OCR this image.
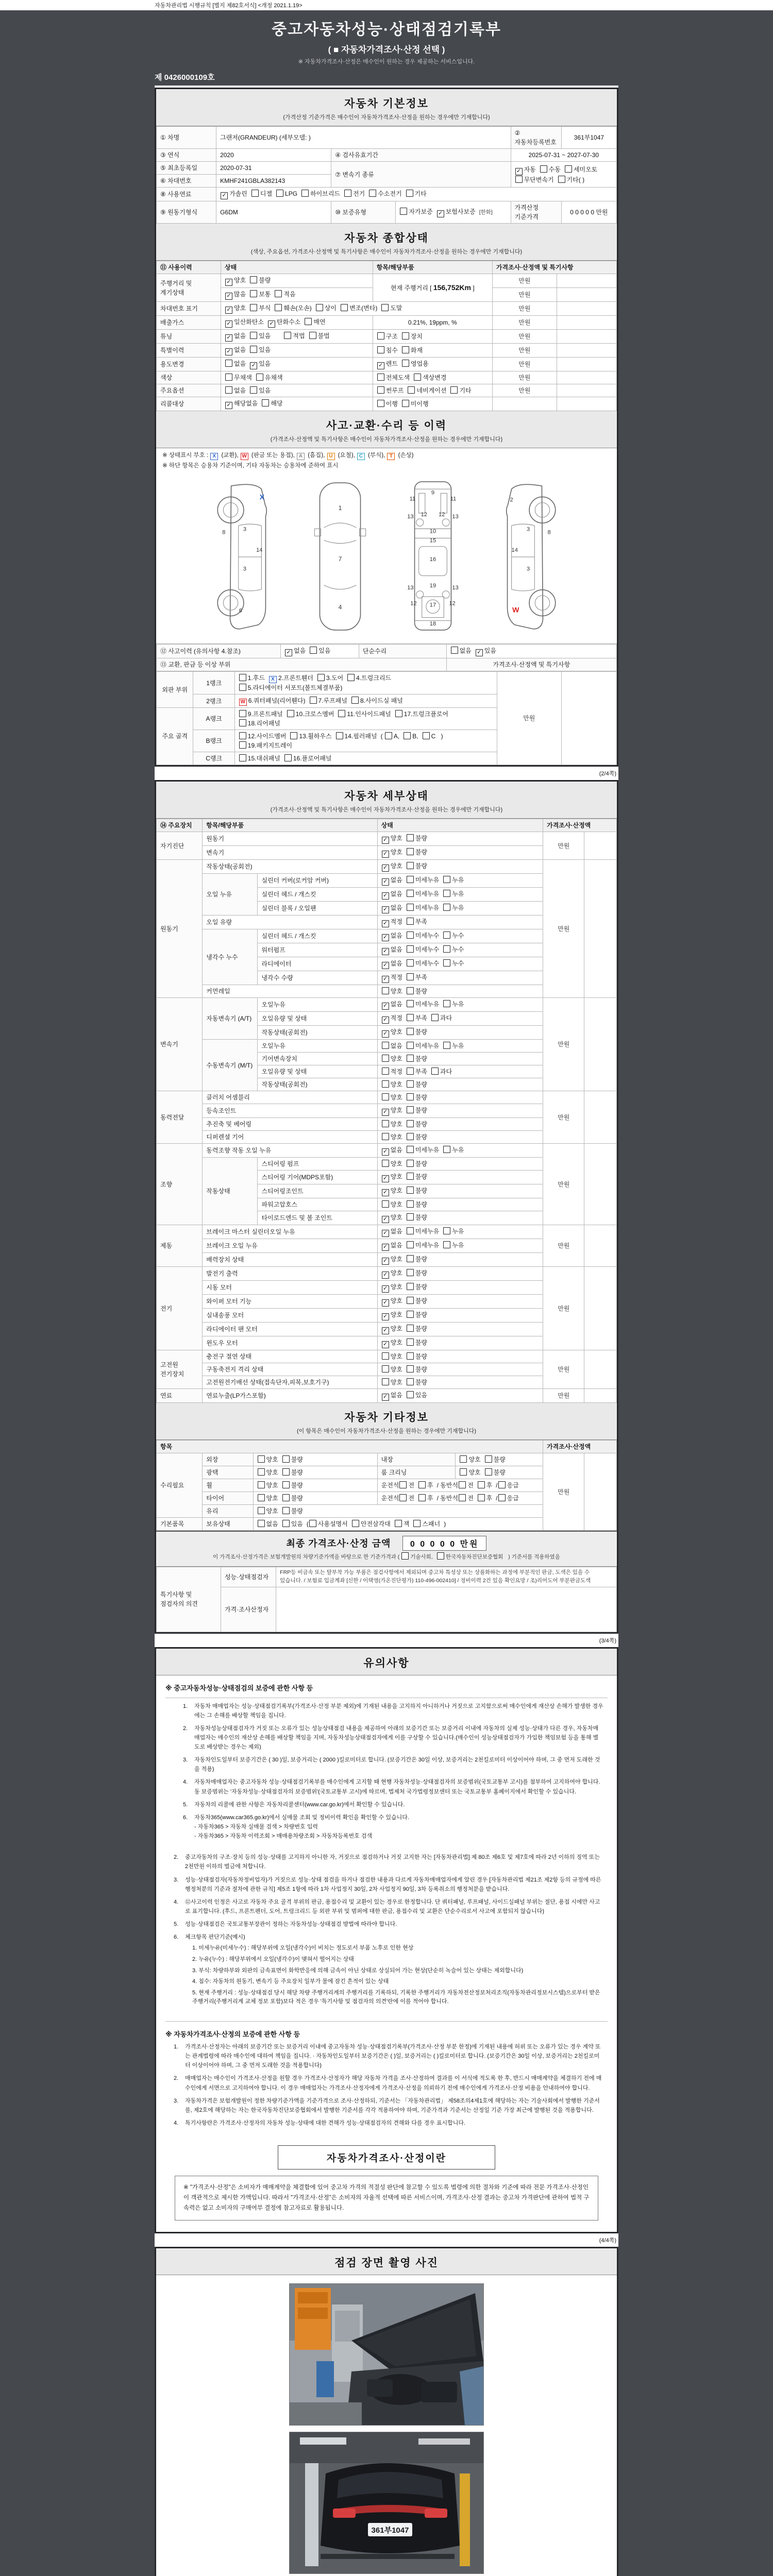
자동차관리법 시행규칙 [별지 제82호서식] <개정 2021.1.19>
중고자동차성능·상태점검기록부
( ■ 자동차가격조사·산정 선택 )
※ 자동차가격조사·산정은 매수인이 원하는 경우 제공하는 서비스입니다.
제 0426000109호
자동차 기본정보
(가격산정 기준가격은 매수인이 자동차가격조사·산정을 원하는 경우에만 기재합니다)
① 차명	그랜저(GRANDEUR) (세부모델: )			② 자동차등록번호	361부1047
③ 연식	2020	④ 검사유효기간		2025-07-31 ~ 2027-07-30	
⑤ 최초등록일	2020-07-31	⑦ 변속기 종류		✓ 자동 수동 세미오토
무단변속기 기타( )	
⑥ 차대번호	KMHF241GBLA382143				
⑧ 사용연료	✓ 가솔린 디젤 LPG 하이브리드 전기 수소전기 기타				
⑨ 원동기형식	G6DM	⑩ 보증유형	자가보증 ✓ 보험사보증 [한화]	가격산정 기준가격	0 0 0 0 0 만원
자동차 종합상태
(색상, 주요옵션, 가격조사·산정액 및 특기사항은 매수인이 자동차가격조사·산정을 원하는 경우에만 기재합니다)
⑪ 사용이력	상태	항목/해당부품	가격조사·산정액 및 특기사항	
주행거리 및 계기상태	✓ 양호 불량	현재 주행거리 [ 156,752Km ]	만원	
	✓ 많음 보통 적음		만원	
차대번호 표기	✓ 양호 부식 훼손(오손) 상이 변조(변타) 도말		만원	
배출가스	✓ 일산화탄소 ✓ 탄화수소 매연	0.21%, 19ppm, %	만원	
튜닝	✓ 없음 있음 적법 불법	구조 장치	만원	
특별이력	✓ 없음 있음	침수 화재	만원	
용도변경	없음 ✓ 있음	✓ 렌트 영업용	만원	
색상	무채색 유채색	전체도색 색상변경	만원	
주요옵션	없음 있음	썬루프 네비게이션 기타	만원	
리콜대상	✓ 해당없음 해당	이행 미이행		
사고·교환·수리 등 이력
(가격조사·산정액 및 특기사항은 매수인이 자동차가격조사·산정을 원하는 경우에만 기재합니다)
※ 상태표시 부호 : X (교환), W (판금 또는 용접), A (흠집), U (요철), C (부식), T (손상)
※ 하단 항목은 승용차 기준이며, 기타 자동차는 승용차에 준하여 표시
8
3
14
3
6
X
1
7
4
9
11	11
13 12 12 13
10
15
16
13	19	13
12 17 12
18
2
8
3
14
3
W
⑫ 사고이력 (유의사항 4.참조)	✓ 없음 있음	단순수리	없음 ✓ 있음
⑬ 교환, 판금 등 이상 부위			가격조사·산정액 및 특기사항
외판 부위	1랭크	1.후드 X 2.프론트휀더 3.도어 4.트렁크리드
5.라디에이터 서포트(볼트체결부품)	만원	
	2랭크	W 6.쿼터패널(리어휀다) 7.루프패널 8.사이드실 패널		
주요 골격	A랭크	9.프론트패널 10.크로스멤버 11.인사이드패널 17.트렁크플로어
18.리어패널		
	B랭크	12.사이드멤버 13.휠하우스 14.필러패널 ( A, B, C )
19.패키지트레이		
	C랭크	15.대쉬패널 16.플로어패널		
(2/4쪽)
자동차 세부상태
(가격조사·산정액 및 특기사항은 매수인이 자동차가격조사·산정을 원하는 경우에만 기재합니다)
⑭ 주요장치	항목/해당부품		상태	가격조사·산정액	
자기진단	원동기		✓ 양호 불량	만원	
	변속기		✓ 양호 불량		
원동기	작동상태(공회전)		✓ 양호 불량	만원	
	오일 누유	실린더 커버(로커암 커버)	✓ 없음 미세누유 누유		
		실린더 헤드 / 개스킷	✓ 없음 미세누유 누유		
		실린더 블록 / 오일팬	✓ 없음 미세누유 누유		
	오일 유량		✓ 적정 부족		
	냉각수 누수	실린더 헤드 / 개스킷	✓ 없음 미세누수 누수		
		워터펌프	✓ 없음 미세누수 누수		
		라디에이터	✓ 없음 미세누수 누수		
		냉각수 수량	✓ 적정 부족		
	커먼레일		양호 불량		
변속기	자동변속기 (A/T)	오일누유	✓ 없음 미세누유 누유	만원	
		오일유량 및 상태	✓ 적정 부족 과다		
		작동상태(공회전)	✓ 양호 불량		
	수동변속기 (M/T)	오일누유	없음 미세누유 누유		
		기어변속장치	양호 불량		
		오일유량 및 상태	적정 부족 과다		
		작동상태(공회전)	양호 불량		
동력전달	클러치 어셈블리		양호 불량	만원	
	등속조인트		✓ 양호 불량		
	추진축 및 베어링		양호 불량		
	디퍼렌셜 기어		양호 불량		
조향	동력조향 작동 오일 누유		✓ 없음 미세누유 누유	만원	
	작동상태	스티어링 펌프	양호 불량		
		스티어링 기어(MDPS포함)	✓ 양호 불량		
		스티어링조인트	✓ 양호 불량		
		파워고압호스	양호 불량		
		타이로드엔드 및 볼 조인트	✓ 양호 불량		
제동	브레이크 마스터 실린더오일 누유		✓ 없음 미세누유 누유	만원	
	브레이크 오일 누유		✓ 없음 미세누유 누유		
	배력장치 상태		✓ 양호 불량		
전기	발전기 출력		✓ 양호 불량	만원	
	시동 모터		✓ 양호 불량		
	와이퍼 모터 기능		✓ 양호 불량		
	실내송풍 모터		✓ 양호 불량		
	라디에이터 팬 모터		✓ 양호 불량		
	윈도우 모터		✓ 양호 불량		
고전원 전기장치	충전구 절연 상태		양호 불량	만원	
	구동축전지 격리 상태		양호 불량		
	고전원전기배선 상태(접속단자,피복,보호기구)		양호 불량		
연료	연료누출(LP가스포함)		✓ 없음 있음	만원	
자동차 기타정보
(이 항목은 매수인이 자동차가격조사·산정을 원하는 경우에만 기재합니다)
항목					가격조사·산정액	
수리필요	외장	양호 불량	내장	양호 불량	만원	
	광택	양호 불량	룸 크리닝	양호 불량		
	휠	양호 불량	운전석 전 후 / 동반석 전 후 / 응급			
	타이어	양호 불량	운전석 전 후 / 동반석 전 후 / 응급			
	유리	양호 불량				
기본품목	보유상태	없음 있음 ( 사용설명서 안전삼각대 잭 스패너 )				
최종 가격조사·산정 금액 0 0 0 0 0 만원
이 가격조사·산정가격은 보험개발원의 차량기준가액을 바탕으로 한 기준가격과 ( 기술사회, 한국자동차진단보증협회 ) 기준서를 적용하였음
특기사항 및 점검자의 의견	성능·상태점검자	FRP등 비금속 또는 탈부착 가능 부품은 점검사항에서 제외되며 중고차 특성상 또는 상품화하는 과정에 부분적인 판금, 도색은 있을 수 있습니다. / 보험료 입금계좌 [신한 / 이택영(가온진단평가) 110-496-002410] / 정비이력 2건 있음 확인요망 / 조)리어도어 부분판금도색
	가격·조사산정자	
(3/4쪽)
유의사항
※ 중고자동차성능·상태점검의 보증에 관한 사항 등
1.	자동차 매매업자는 성능·상태점검기록부(가격조사·산정 부분 제외)에 기재된 내용을 고지하지 아니하거나 거짓으로 고지함으로써 매수인에게 재산상 손해가 발생한 경우에는 그 손해를 배상할 책임을 집니다.
2.	자동차성능상태점검자가 거짓 또는 오류가 있는 성능상태점검 내용을 제공하여 아래의 보증기간 또는 보증거리 이내에 자동차의 실제 성능·상태가 다른 경우, 자동차매매업자는 매수인의 재산상 손해를 배상할 책임을 지며, 자동차성능상태점검자에게 이를 구상할 수 있습니다.(매수인이 성능상태점검자가 가입한 책임보험 등을 통해 별도로 배상받는 경우는 제외)
3.	자동차인도일부터 보증기간은 ( 30 )일, 보증거리는 ( 2000 )킬로미터로 합니다. (보증기간은 30일 이상, 보증거리는 2천킬로미터 이상이어야 하며, 그 중 먼저 도래한 것을 적용)
4.	자동차매매업자는 중고자동차 성능·상태점검기록부를 매수인에게 고지할 때 현행 자동차성능·상태점검자의 보증범위(국토교통부 고시)를 첨부하여 고지하여야 합니다. 동 보증범위는 '자동차성능·상태점검자의 보증범위'(국토교통부 고시)에 따르며, 법제처 국가법령정보센터 또는 국토교통부 홈페이지에서 확인할 수 있습니다.
5.	자동차의 리콜에 관한 사항은 자동차리콜센터(www.car.go.kr)에서 확인할 수 있습니다.
6.	자동차365(www.car365.go.kr)에서 실매물 조회 및 정비이력 확인을 확인할 수 있습니다.
- 자동차365 > 자동차 실매물 검색 > 차량번호 입력
- 자동차365 > 자동차 이력조회 > 매매용차량조회 > 자동차등록번호 검색
2.	중고자동차의 구조·장치 등의 성능·상태를 고지하지 아니한 자, 거짓으로 점검하거나 거짓 고지한 자는 [자동차관리법] 제 80조 제6호 및 제7호에 따라 2년 이하의 징역 또는 2천만원 이하의 벌금에 처합니다.
3.	성능·상태점검자(자동차정비업자)가 거짓으로 성능·상태 점검을 하거나 점검한 내용과 다르게 자동차매매업자에게 알린 경우 [자동차관리법 제21조 제2항 등의 규정에 따른 행정처분의 기준과 절차에 관한 규칙] 제5조 1항에 따라 1차 사업정지 30일, 2차 사업정지 90일, 3차 등록취소의 행정처분을 받습니다.
4.	⑫사고이력 인정은 사고로 자동차 주요 골격 부위의 판금, 용접수리 및 교환이 있는 경우로 한정합니다. 단 쿼터패널, 루프패널, 사이드실패널 부위는 절단, 용접 시에만 사고로 표기합니다. (후드, 프론트펜더, 도어, 트렁크리드 등 외판 부위 및 범퍼에 대한 판금, 용접수리 및 교환은 단순수리로서 사고에 포함되지 않습니다)
5.	성능·상태점검은 국토교통부장관이 정하는 자동차성능·상태점검 방법에 따라야 합니다.
6.	체크항목 판단기준(예시)
1. 미세누유(미세누수) : 해당부위에 오일(냉각수)이 비치는 정도로서 부품 노후로 인한 현상
2. 누유(누수) : 해당부위에서 오일(냉각수)이 맺혀서 떨어지는 상태
3. 부식: 차량하부와 외판의 금속표면이 화학반응에 의해 금속이 아닌 상태로 상실되어 가는 현상(단순히 녹슬어 있는 상태는 제외합니다)
4. 침수: 자동차의 원동기, 변속기 등 주요장치 일부가 물에 잠긴 흔적이 있는 상태
5. 현재 주행거리 : 성능·상태점검 당시 해당 차량 주행거리계의 주행거리를 기록하되, 기록한 주행거리가 자동차전산정보처리조직(자동차관리정보시스템)으로부터 받은 주행거리(주행거리계 교체 정보 포함)보다 적은 경우 '특기사항 및 점검자의 의견'란에 이를 적어야 합니다.
※ 자동차가격조사·산정의 보증에 관한 사항 등
1.	가격조사·산정자는 아래의 보증기간 또는 보증거리 이내에 중고자동차 성능·상태점검기록부(가격조사·산정 부분 한정)에 기재된 내용에 허위 또는 오류가 있는 경우 계약 또는 관계법령에 따라 매수인에 대하여 책임을 집니다. · 자동차인도일부터 보증기간은 ( )일, 보증거리는 ( )킬로미터로 합니다. (보증기간은 30일 이상, 보증거리는 2천킬로미터 이상이어야 하며, 그 중 먼저 도래한 것을 적용합니다)
2.	매매업자는 매수인이 가격조사·산정을 원할 경우 가격조사·산정자가 해당 자동차 가격을 조사·산정하여 결과를 이 서식에 적도록 한 후, 반드시 매매계약을 체결하기 전에 매수인에게 서면으로 고지하여야 합니다. 이 경우 매매업자는 가격조사·산정자에게 가격조사·산정을 의뢰하기 전에 매수인에게 가격조사·산정 비용을 안내하여야 합니다.
3.	자동차가격은 보험개발원이 정한 차량기준가액을 기준가격으로 조사·산정하되, 기준서는 「자동차관리법」 제58조의4제1호에 해당하는 자는 기술사회에서 발행한 기준서를, 제2호에 해당하는 자는 한국자동차진단보증협회에서 발행한 기준서를 각각 적용하여야 하며, 기준가격과 기준서는 산정일 기준 가장 최근에 발행된 것을 적용합니다.
4.	특기사항란은 가격조사·산정자의 자동차 성능·상태에 대한 견해가 성능·상태점검자의 견해와 다를 경우 표시합니다.
자동차가격조사·산정이란
※ "가격조사·산정"은 소비자가 매매계약을 체결함에 있어 중고차 가격의 적절성 판단에 참고할 수 있도록 법령에 의한 절차와 기준에 따라 전문 가격조사·산정인이 객관적으로 제시한 가액입니다. 따라서 "가격조사·산정"은 소비자의 자율적 선택에 따른 서비스이며, 가격조사·산정 결과는 중고차 가격판단에 관하여 법적 구속력은 없고 소비자의 구매여부 결정에 참고자료로 활용됩니다.
(4/4쪽)
점검 장면 촬영 사진
361부1047
